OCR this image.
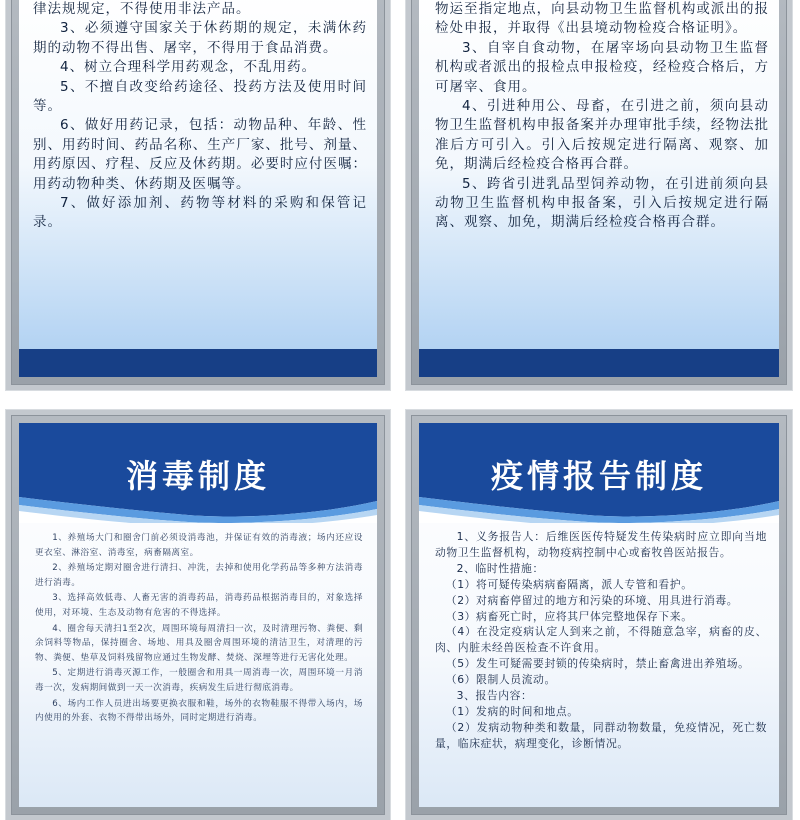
律法规规定，不得使用非法产品。

3、必须遵守国家关于休药期的规定，未满休药期的动物不得出售、屠宰，不得用于食品消费。

4、树立合理科学用药观念，不乱用药。

5、不擅自改变给药途径、投药方法及使用时间等。

6、做好用药记录，包括：动物品种、年龄、性别、用药时间、药品名称、生产厂家、批号、剂量、用药原因、疗程、反应及休药期。必要时应付医嘱：用药动物种类、休药期及医嘱等。

7、做好添加剂、药物等材料的采购和保管记录。

物运至指定地点，向县动物卫生监督机构或派出的报检处申报，并取得《出县境动物检疫合格证明》。

3、自宰自食动物，在屠宰场向县动物卫生监督机构或者派出的报检点申报检疫，经检疫合格后，方可屠宰、食用。

4、引进种用公、母畜，在引进之前，须向县动物卫生监督机构申报备案并办理审批手续，经物法批准后方可引入。引入后按规定进行隔离、观察、加免，期满后经检疫合格再合群。

5、跨省引进乳品型饲养动物，在引进前须向县动物卫生监督机构申报备案，引入后按规定进行隔离、观察、加免，期满后经检疫合格再合群。

消毒制度

1、养殖场大门和圈舍门前必须设消毒池，并保证有效的消毒液；场内还应设更衣室、淋浴室、消毒室，病畜隔离室。

2、养殖场定期对圈舍进行清扫、冲洗，去掉和使用化学药品等多种方法消毒进行消毒。

3、选择高效低毒、人畜无害的消毒药品，消毒药品根据消毒目的，对象选择使用，对环境、生态及动物有危害的不得选择。

4、圈舍每天清扫1至2次，周围环境每周清扫一次，及时清理污物、粪便、剩余饲料等物品，保持圈舍、场地、用具及圈舍周围环境的清洁卫生，对清理的污物、粪便、垫草及饲料残留物应通过生物发酵、焚烧、深埋等进行无害化处理。

5、定期进行消毒灭源工作，一般圈舍和用具一周消毒一次，周围环境一月消毒一次，发病期间做到一天一次消毒，疾病发生后进行彻底消毒。

6、场内工作人员进出场要更换衣服和鞋，场外的衣物鞋服不得带入场内，场内使用的外套、衣物不得带出场外，同时定期进行消毒。

疫情报告制度

1、义务报告人：后维医医传特疑发生传染病时应立即向当地动物卫生监督机构，动物疫病控制中心或畜牧兽医站报告。

2、临时性措施：

（1）将可疑传染病病畜隔离，派人专管和看护。

（2）对病畜停留过的地方和污染的环境、用具进行消毒。

（3）病畜死亡时，应将其尸体完整地保存下来。

（4）在没定疫病认定人到来之前，不得随意急宰，病畜的皮、肉、内脏未经兽医检查不许食用。

（5）发生可疑需要封锁的传染病时，禁止畜禽进出养殖场。

（6）限制人员流动。

3、报告内容：

（1）发病的时间和地点。

（2）发病动物种类和数量，同群动物数量，免疫情况，死亡数量，临床症状，病理变化，诊断情况。
